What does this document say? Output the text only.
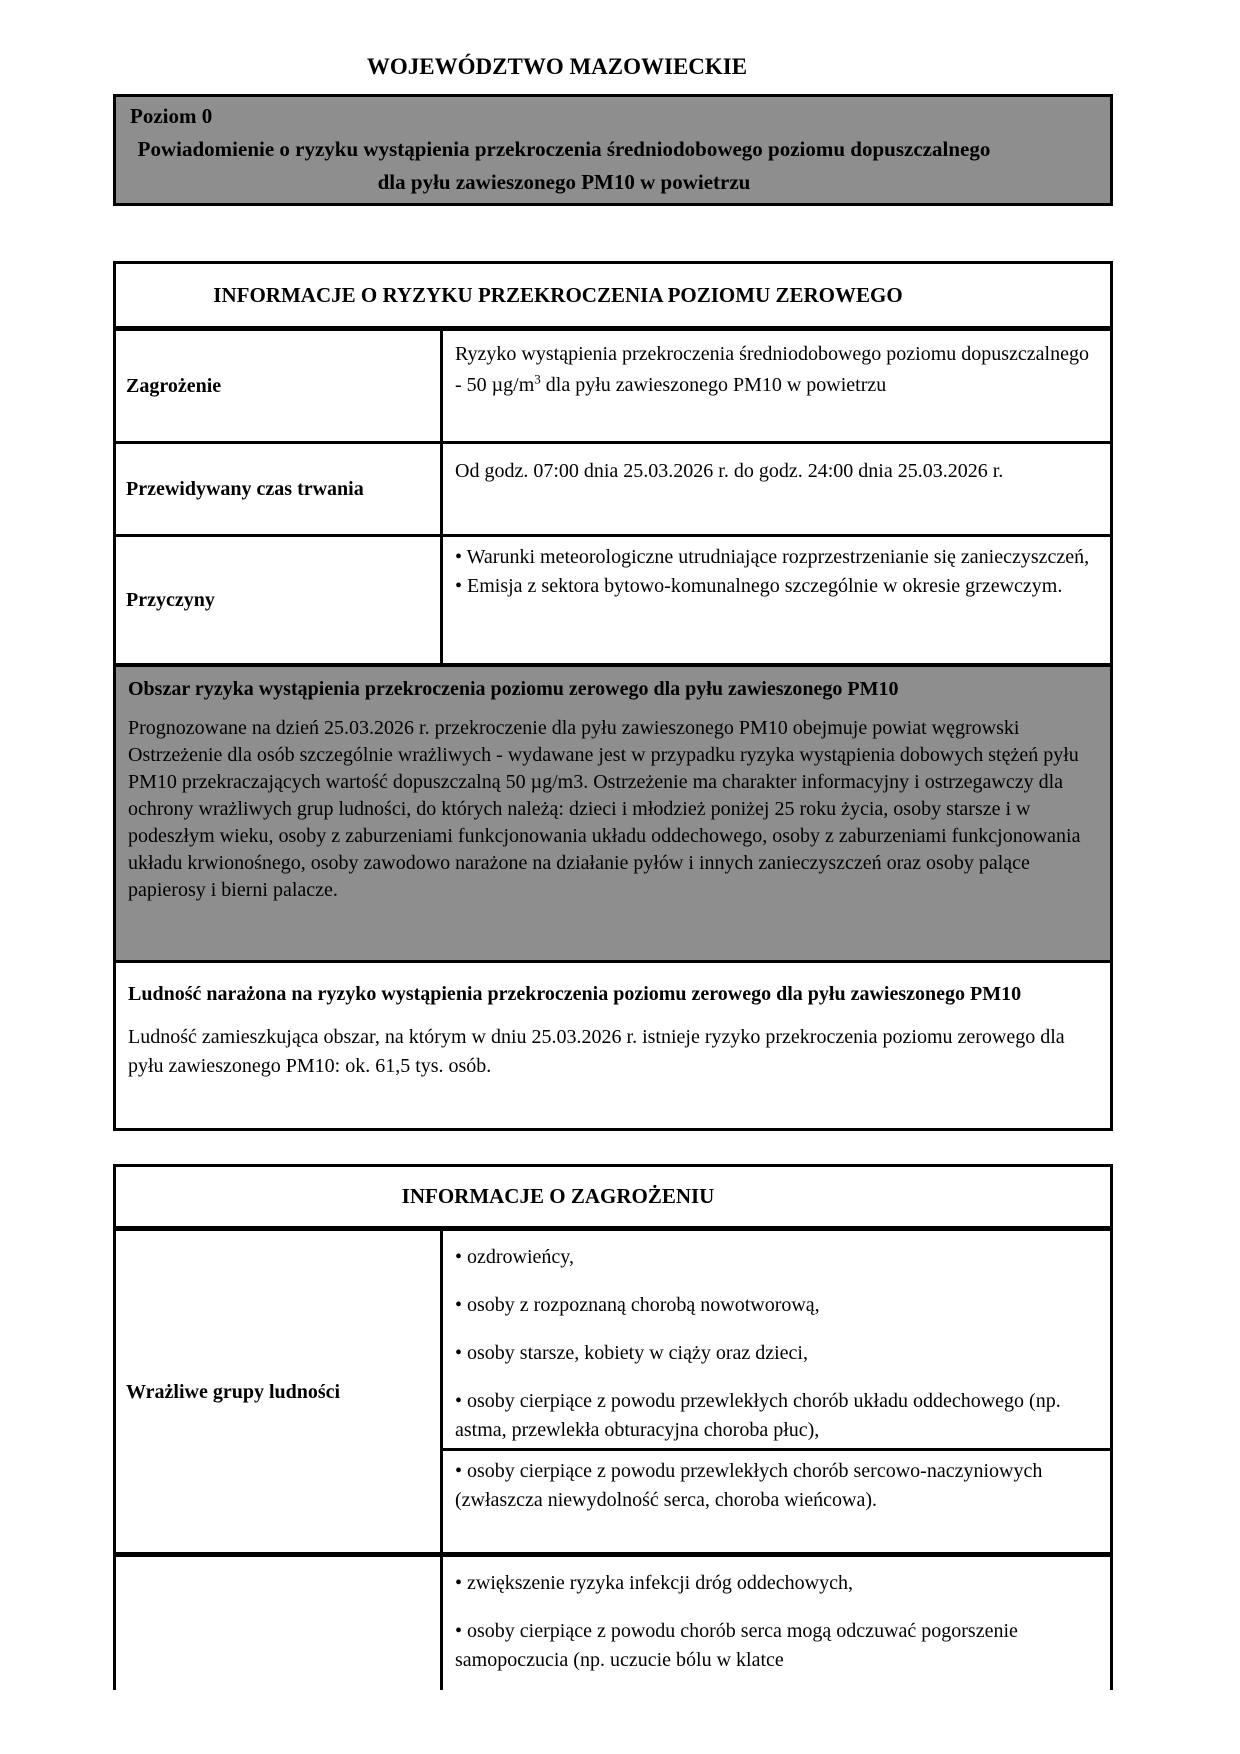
WOJEWÓDZTWO MAZOWIECKIE
Poziom 0
Powiadomienie o ryzyku wystąpienia przekroczenia średniodobowego poziomu dopuszczalnego dla pyłu zawieszonego PM10 w powietrzu
INFORMACJE O RYZYKU PRZEKROCZENIA POZIOMU ZEROWEGO
Zagrożenie
Ryzyko wystąpienia przekroczenia średniodobowego poziomu dopuszczalnego - 50 $\mu g/m^3$ dla pyłu zawieszonego PM10 w powietrzu
Przewidywany czas trwania
Od godz. 07:00 dnia 25.03.2026 r. do godz. 24:00 dnia 25.03.2026 r.
Przyczyny
• Warunki meteorologiczne utrudniające rozprzestrzenianie się zanieczyszczeń,
• Emisja z sektora bytowo-komunalnego szczególnie w okresie grzewczym.
Obszar ryzyka wystąpienia przekroczenia poziomu zerowego dla pyłu zawieszonego PM10
Prognozowane na dzień 25.03.2026 r. przekroczenie dla pyłu zawieszonego PM10 obejmuje powiat węgrowski Ostrzeżenie dla osób szczególnie wrażliwych - wydawane jest w przypadku ryzyka wystąpienia dobowych stężeń pyłu PM10 przekraczających wartość dopuszczalną 50 µg/m3. Ostrzeżenie ma charakter informacyjny i ostrzegawczy dla ochrony wrażliwych grup ludności, do których należą: dzieci i młodzież poniżej 25 roku życia, osoby starsze i w podeszłym wieku, osoby z zaburzeniami funkcjonowania układu oddechowego, osoby z zaburzeniami funkcjonowania układu krwionośnego, osoby zawodowo narażone na działanie pyłów i innych zanieczyszczeń oraz osoby palące papierosy i bierni palacze.
Ludność narażona na ryzyko wystąpienia przekroczenia poziomu zerowego dla pyłu zawieszonego PM10
Ludność zamieszkująca obszar, na którym w dniu 25.03.2026 r. istnieje ryzyko przekroczenia poziomu zerowego dla pyłu zawieszonego PM10: ok. 61,5 tys. osób.
INFORMACJE O ZAGROŻENIU
Wrażliwe grupy ludności
• ozdrowieńcy,
• osoby z rozpoznaną chorobą nowotworową,
• osoby starsze, kobiety w ciąży oraz dzieci,
• osoby cierpiące z powodu przewlekłych chorób układu oddechowego (np. astma, przewlekła obturacyjna choroba płuc),
• osoby cierpiące z powodu przewlekłych chorób sercowo-naczyniowych (zwłaszcza niewydolność serca, choroba wieńcowa).
• zwiększenie ryzyka infekcji dróg oddechowych,
• osoby cierpiące z powodu chorób serca mogą odczuwać pogorszenie samopoczucia (np. uczucie bólu w klatce
